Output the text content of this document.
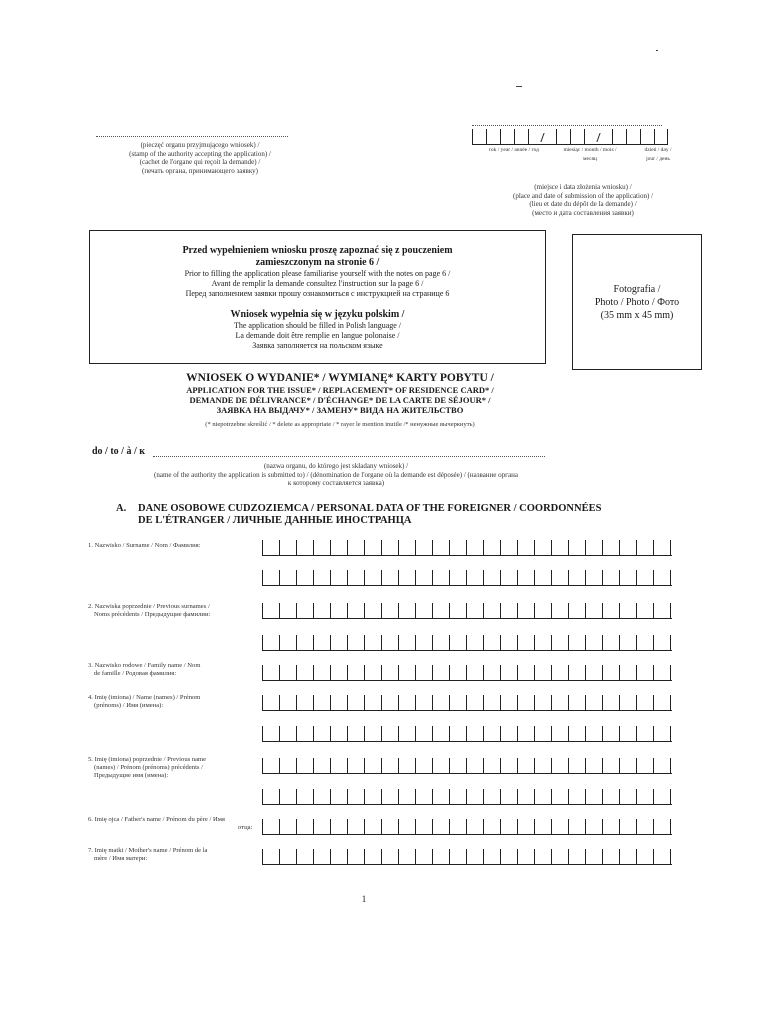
(pieczęć organu przyjmującego wniosek) /
(stamp of the authority accepting the application) /
(cachet de l'organe qui reçoit la demande) /
(печать органа, принимающего заявку)
rok / year / année / год	miesiąc / month / mois / месяц
dzień / day / jour / день
(miejsce i data złożenia wniosku) /
(place and date of submission of the application) /
(lieu et date du dépôt de la demande) /
(место и дата составления заявки)
Przed wypełnieniem wniosku proszę zapoznać się z pouczeniem
zamieszczonym na stronie 6 /
Prior to filling the application please familiarise yourself with the notes on page 6 /
Avant de remplir la demande consultez l'instruction sur la page 6 /
Перед заполнением заявки прошу ознакомиться с инструкцией на странице 6
Wniosek wypełnia się w języku polskim /
The application should be filled in Polish language /
La demande doit être remplie en langue polonaise /
Заявка заполняется на польском языке
Fotografia /
Photo / Photo / Фото
(35 mm x 45 mm)
WNIOSEK O WYDANIE* / WYMIANĘ* KARTY POBYTU /
APPLICATION FOR THE ISSUE* / REPLACEMENT* OF RESIDENCE CARD* /
DEMANDE DE DÉLIVRANCE* / D'ÉCHANGE* DE LA CARTE DE SÉJOUR* /
ЗАЯВКА НА ВЫДАЧУ* / ЗАМЕНУ* ВИДА НА ЖИТЕЛЬСТВО
(* niepotrzebne skreślić / * delete as appropriate / * rayer le mention inutile /* ненужные вычеркнуть)
do / to / à / к
(nazwa organu, do którego jest składany wniosek) /
(name of the authority the application is submitted to) / (dénomination de l'organe où la demande est déposée) / (название органа
к которому составляется заявка)
A. DANE OSOBOWE CUDZOZIEMCA / PERSONAL DATA OF THE FOREIGNER / COORDONNÉES
DE L'ÉTRANGER / ЛИЧНЫЕ ДАННЫЕ ИНОСТРАНЦА
1. Nazwisko / Surname / Nom / Фамилия:
2. Nazwiska poprzednie / Previous surnames /
Noms précédents / Предыдущие фамилии:
3. Nazwisko rodowe / Family name / Nom
de famille / Родовая фамилия:
4. Imię (imiona) / Name (names) / Prénom
(prénoms) / Имя (имена):
5. Imię (imiona) poprzednie / Previous name
(names) / Prénom (prénoms) précédents /
Предыдущие имя (имена):
6. Imię ojca / Father's name / Prénom du père / Имя
отца:
7. Imię matki / Mother's name / Prénom de la
mère / Имя матери:
1
